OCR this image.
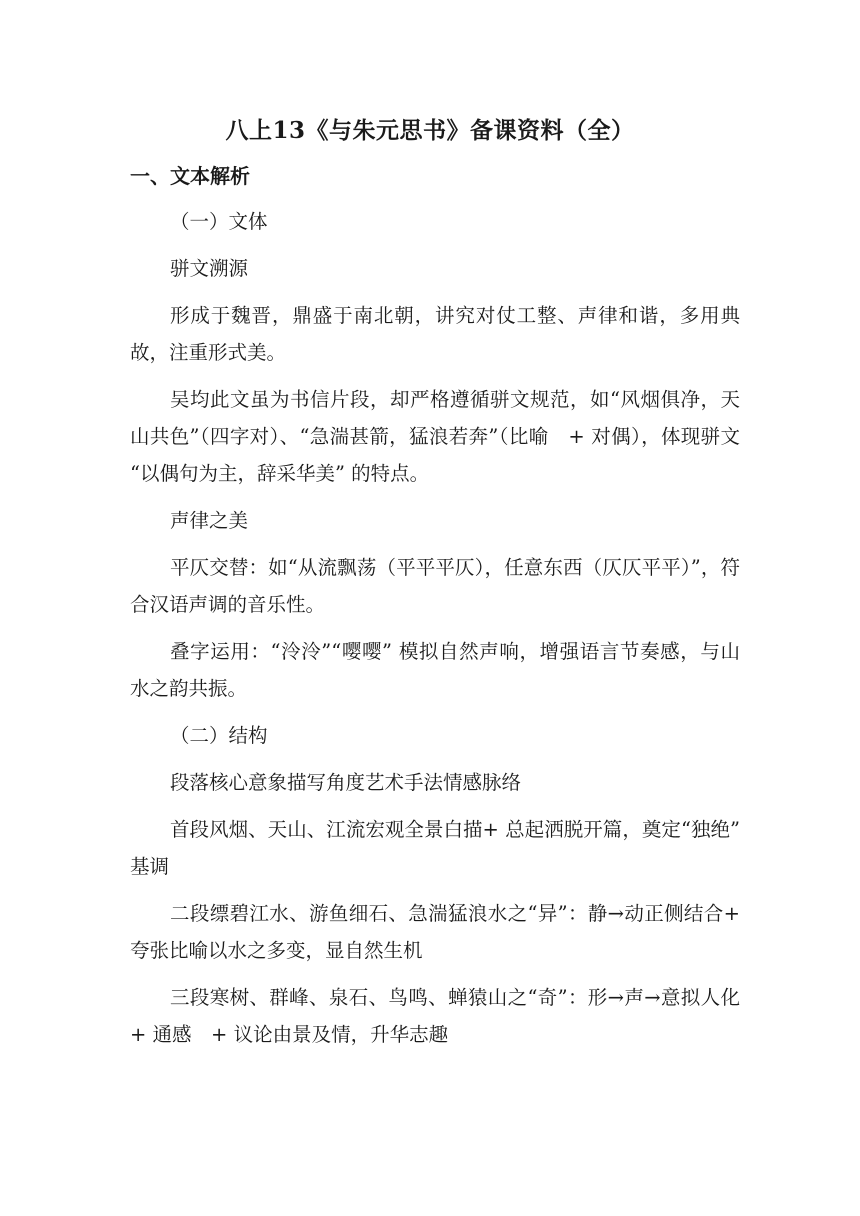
八上13《与朱元思书》备课资料（全）
一、文本解析

（一）文体

骈文溯源

形成于魏晋，鼎盛于南北朝，讲究对仗工整、声律和谐，多用典故，注重形式美。

吴均此文虽为书信片段，却严格遵循骈文规范，如“风烟俱净，天山共色”（四字对）、“急湍甚箭，猛浪若奔”（比喻　+ 对偶），体现骈文 “以偶句为主，辞采华美” 的特点。

声律之美

平仄交替：如“从流飘荡（平平平仄），任意东西（仄仄平平）”，符合汉语声调的音乐性。

叠字运用：“泠泠”“嘤嘤” 模拟自然声响，增强语言节奏感，与山水之韵共振。

（二）结构

段落核心意象描写角度艺术手法情感脉络

首段风烟、天山、江流宏观全景白描+ 总起洒脱开篇，奠定“独绝” 基调

二段缥碧江水、游鱼细石、急湍猛浪水之“异”：静→动正侧结合+ 夸张比喻以水之多变，显自然生机

三段寒树、群峰、泉石、鸟鸣、蝉猿山之“奇”：形→声→意拟人化+ 通感　+ 议论由景及情，升华志趣
